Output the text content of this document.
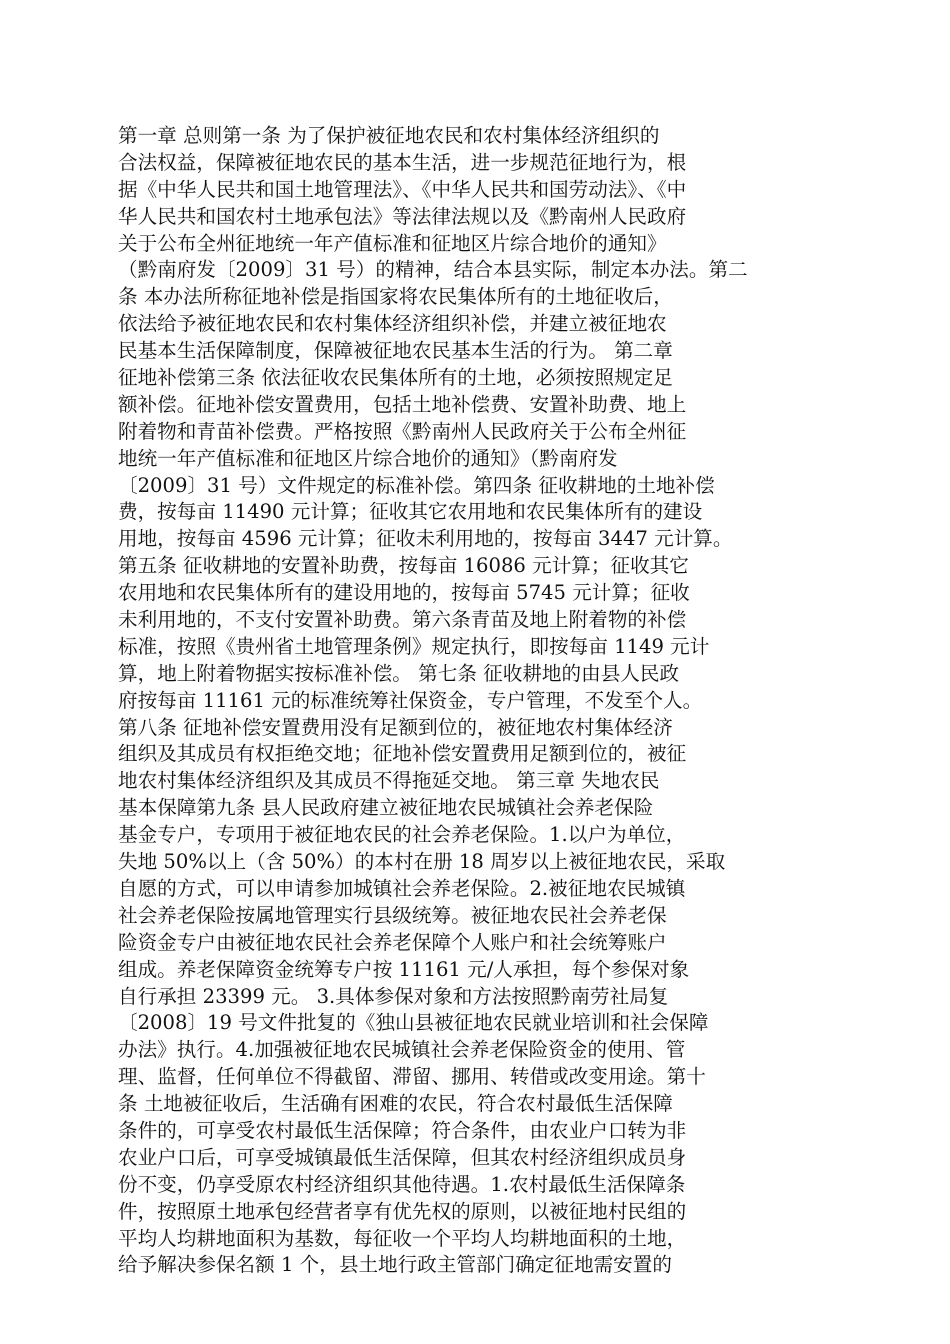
第一章 总则第一条 为了保护被征地农民和农村集体经济组织的
合法权益，保障被征地农民的基本生活，进一步规范征地行为，根
据《中华人民共和国土地管理法》、《中华人民共和国劳动法》、《中
华人民共和国农村土地承包法》等法律法规以及《黔南州人民政府
关于公布全州征地统一年产值标准和征地区片综合地价的通知》
（黔南府发〔2009〕31 号）的精神，结合本县实际，制定本办法。第二
条 本办法所称征地补偿是指国家将农民集体所有的土地征收后，
依法给予被征地农民和农村集体经济组织补偿，并建立被征地农
民基本生活保障制度，保障被征地农民基本生活的行为。 第二章
征地补偿第三条 依法征收农民集体所有的土地，必须按照规定足
额补偿。征地补偿安置费用，包括土地补偿费、安置补助费、地上
附着物和青苗补偿费。严格按照《黔南州人民政府关于公布全州征
地统一年产值标准和征地区片综合地价的通知》（黔南府发
〔2009〕31 号）文件规定的标准补偿。第四条 征收耕地的土地补偿
费，按每亩 11490 元计算；征收其它农用地和农民集体所有的建设
用地，按每亩 4596 元计算；征收未利用地的，按每亩 3447 元计算。
第五条 征收耕地的安置补助费，按每亩 16086 元计算；征收其它
农用地和农民集体所有的建设用地的，按每亩 5745 元计算；征收
未利用地的，不支付安置补助费。第六条青苗及地上附着物的补偿
标准，按照《贵州省土地管理条例》规定执行，即按每亩 1149 元计
算，地上附着物据实按标准补偿。 第七条 征收耕地的由县人民政
府按每亩 11161 元的标准统筹社保资金，专户管理，不发至个人。
第八条 征地补偿安置费用没有足额到位的，被征地农村集体经济
组织及其成员有权拒绝交地；征地补偿安置费用足额到位的，被征
地农村集体经济组织及其成员不得拖延交地。 第三章 失地农民
基本保障第九条 县人民政府建立被征地农民城镇社会养老保险
基金专户，专项用于被征地农民的社会养老保险。1.以户为单位，
失地 50%以上（含 50%）的本村在册 18 周岁以上被征地农民，采取
自愿的方式，可以申请参加城镇社会养老保险。2.被征地农民城镇
社会养老保险按属地管理实行县级统筹。被征地农民社会养老保
险资金专户由被征地农民社会养老保障个人账户和社会统筹账户
组成。养老保障资金统筹专户按 11161 元/人承担，每个参保对象
自行承担 23399 元。 3.具体参保对象和方法按照黔南劳社局复
〔2008〕19 号文件批复的《独山县被征地农民就业培训和社会保障
办法》执行。4.加强被征地农民城镇社会养老保险资金的使用、管
理、监督，任何单位不得截留、滞留、挪用、转借或改变用途。第十
条 土地被征收后，生活确有困难的农民，符合农村最低生活保障
条件的，可享受农村最低生活保障；符合条件，由农业户口转为非
农业户口后，可享受城镇最低生活保障，但其农村经济组织成员身
份不变，仍享受原农村经济组织其他待遇。1.农村最低生活保障条
件，按照原土地承包经营者享有优先权的原则，以被征地村民组的
平均人均耕地面积为基数，每征收一个平均人均耕地面积的土地，
给予解决参保名额 1 个，县土地行政主管部门确定征地需安置的
